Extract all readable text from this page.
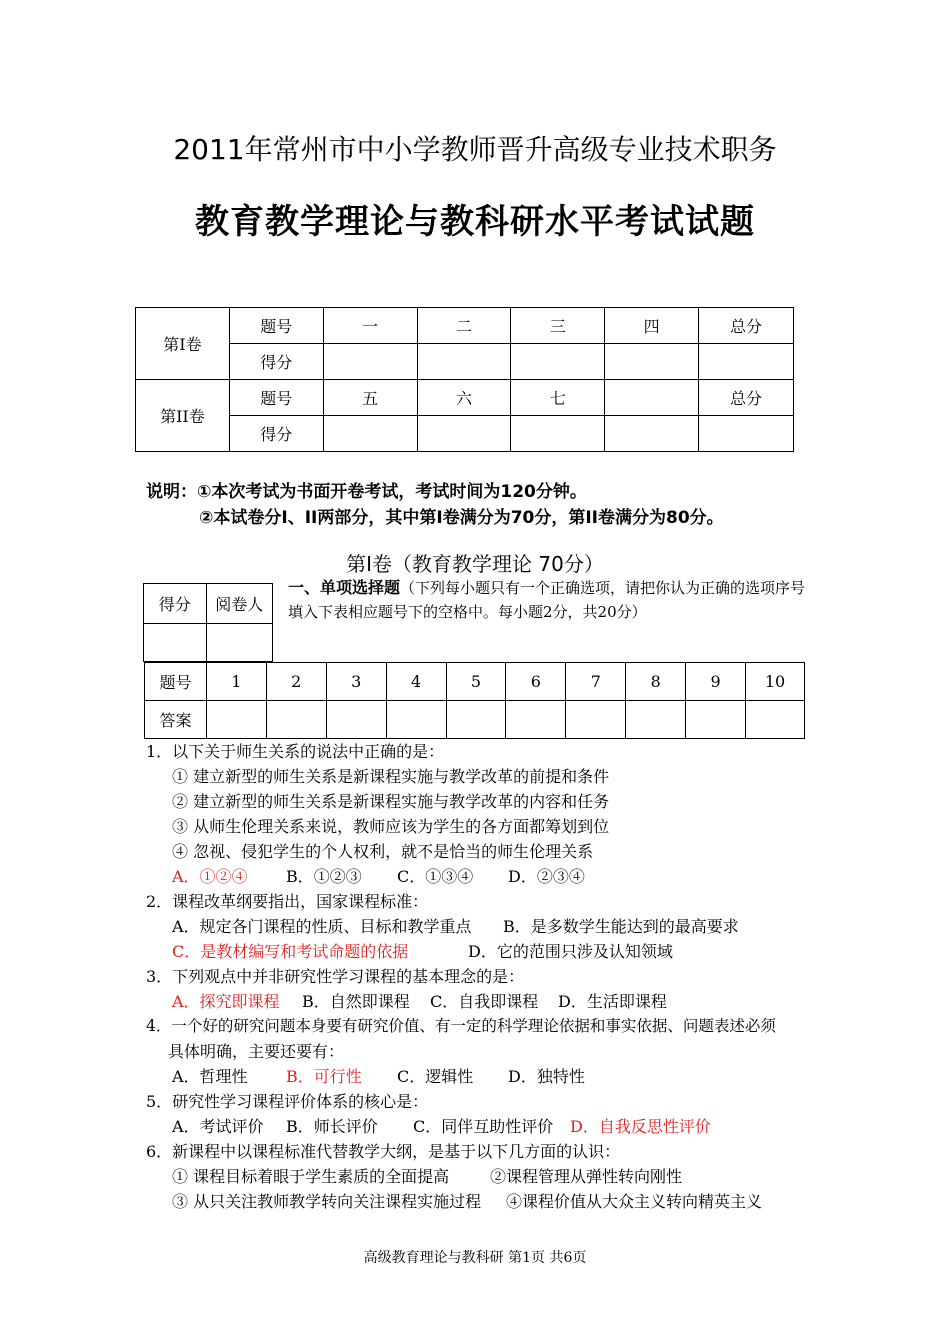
2011年常州市中小学教师晋升高级专业技术职务
教育教学理论与教科研水平考试试题
第I卷	题号	一	二	三	四	总分
	得分					
第II卷	题号	五	六	七		总分
	得分					
说明：①本次考试为书面开卷考试，考试时间为120分钟。
②本试卷分I、II两部分，其中第I卷满分为70分，第II卷满分为80分。
第I卷（教育教学理论 70分）
得分	阅卷人

一、单项选择题（下列每小题只有一个正确选项，请把你认为正确的选项序号填入下表相应题号下的空格中。每小题2分，共20分）
题号	1	2	3	4	5	6	7	8	9	10
答案										
1．以下关于师生关系的说法中正确的是：
① 建立新型的师生关系是新课程实施与教学改革的前提和条件
② 建立新型的师生关系是新课程实施与教学改革的内容和任务
③ 从师生伦理关系来说，教师应该为学生的各方面都筹划到位
④ 忽视、侵犯学生的个人权利，就不是恰当的师生伦理关系
A．①②④ B．①②③ C．①③④ D．②③④
2．课程改革纲要指出，国家课程标准：
A．规定各门课程的性质、目标和教学重点 B．是多数学生能达到的最高要求
C．是教材编写和考试命题的依据	D．它的范围只涉及认知领域
3．下列观点中并非研究性学习课程的基本理念的是：
A．探究即课程 B．自然即课程 C．自我即课程 D．生活即课程
4．一个好的研究问题本身要有研究价值、有一定的科学理论依据和事实依据、问题表述必须
具体明确，主要还要有：
A．哲理性 B．可行性 C．逻辑性 D．独特性
5．研究性学习课程评价体系的核心是：
A．考试评价 B．师长评价 C．同伴互助性评价 D．自我反思性评价
6．新课程中以课程标准代替教学大纲，是基于以下几方面的认识：
① 课程目标着眼于学生素质的全面提高	②课程管理从弹性转向刚性
③ 从只关注教师教学转向关注课程实施过程 ④课程价值从大众主义转向精英主义
高级教育理论与教科研 第1页 共6页
